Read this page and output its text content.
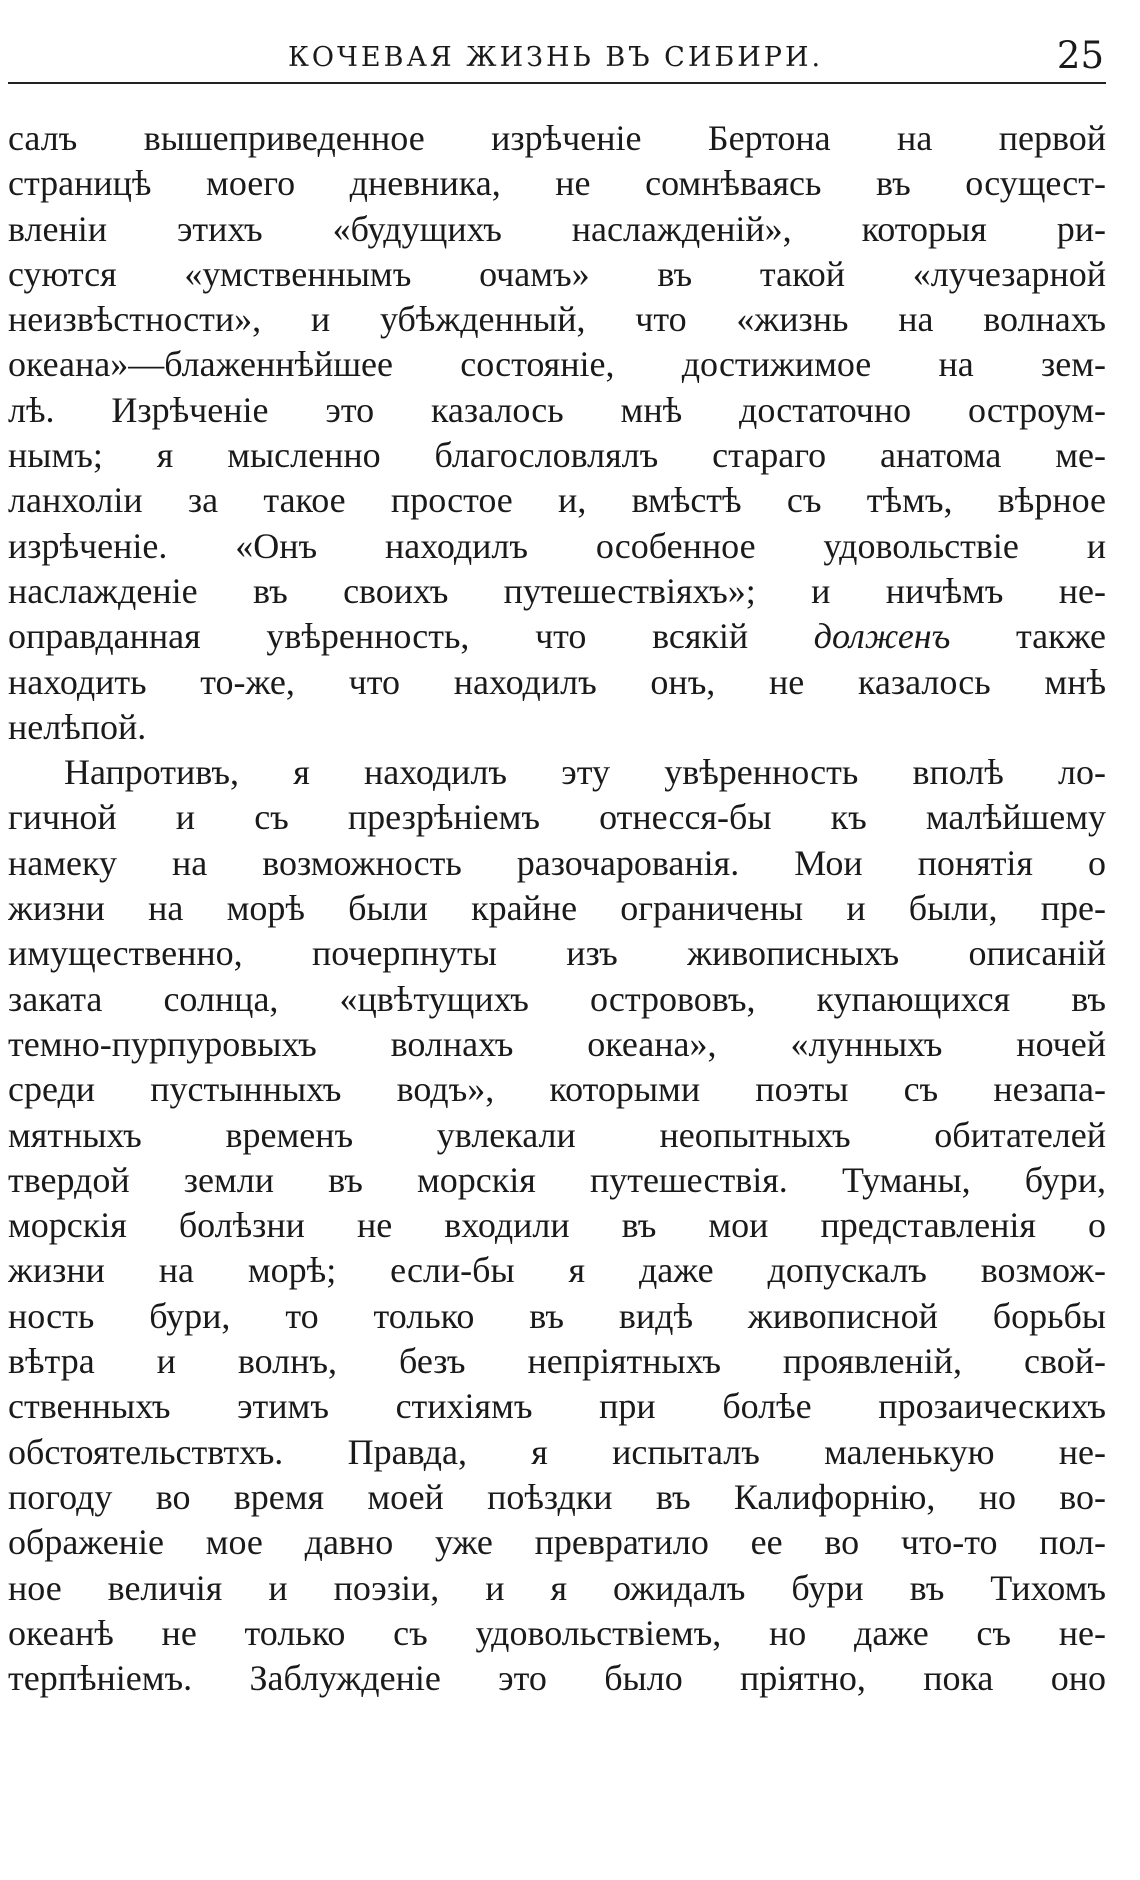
КОЧЕВАЯ ЖИЗНЬ ВЪ СИБИРИ.	25
салъ вышеприведенное изрѣченіе Бертона на первой
страницѣ моего дневника, не сомнѣваясь въ осущест-
вленіи этихъ «будущихъ наслажденій», которыя ри-
суются «умственнымъ очамъ» въ такой «лучезарной
неизвѣстности», и убѣжденный, что «жизнь на волнахъ
океана»—блаженнѣйшее состояніе, достижимое на зем-
лѣ. Изрѣченіе это казалось мнѣ достаточно остроум-
нымъ; я мысленно благословлялъ стараго анатома ме-
ланхоліи за такое простое и, вмѣстѣ съ тѣмъ, вѣрное
изрѣченіе. «Онъ находилъ особенное удовольствіе и
наслажденіе въ своихъ путешествіяхъ»; и ничѣмъ не-
оправданная увѣренность, что всякій долженъ также
находить то-же, что находилъ онъ, не казалось мнѣ
нелѣпой.
Напротивъ, я находилъ эту увѣренность вполѣ ло-
гичной и съ презрѣніемъ отнесся-бы къ малѣйшему
намеку на возможность разочарованія. Мои понятія о
жизни на морѣ были крайне ограничены и были, пре-
имущественно, почерпнуты изъ живописныхъ описаній
заката солнца, «цвѣтущихъ острововъ, купающихся въ
темно-пурпуровыхъ волнахъ океана», «лунныхъ ночей
среди пустынныхъ водъ», которыми поэты съ незапа-
мятныхъ временъ увлекали неопытныхъ обитателей
твердой земли въ морскія путешествія. Туманы, бури,
морскія болѣзни не входили въ мои представленія о
жизни на морѣ; если-бы я даже допускалъ возмож-
ность бури, то только въ видѣ живописной борьбы
вѣтра и волнъ, безъ непріятныхъ проявленій, свой-
ственныхъ этимъ стихіямъ при болѣе прозаическихъ
обстоятельствтхъ. Правда, я испыталъ маленькую не-
погоду во время моей поѣздки въ Калифорнію, но во-
ображеніе мое давно уже превратило ее во что-то пол-
ное величія и поэзіи, и я ожидалъ бури въ Тихомъ
океанѣ не только съ удовольствіемъ, но даже съ не-
терпѣніемъ. Заблужденіе это было пріятно, пока оно
